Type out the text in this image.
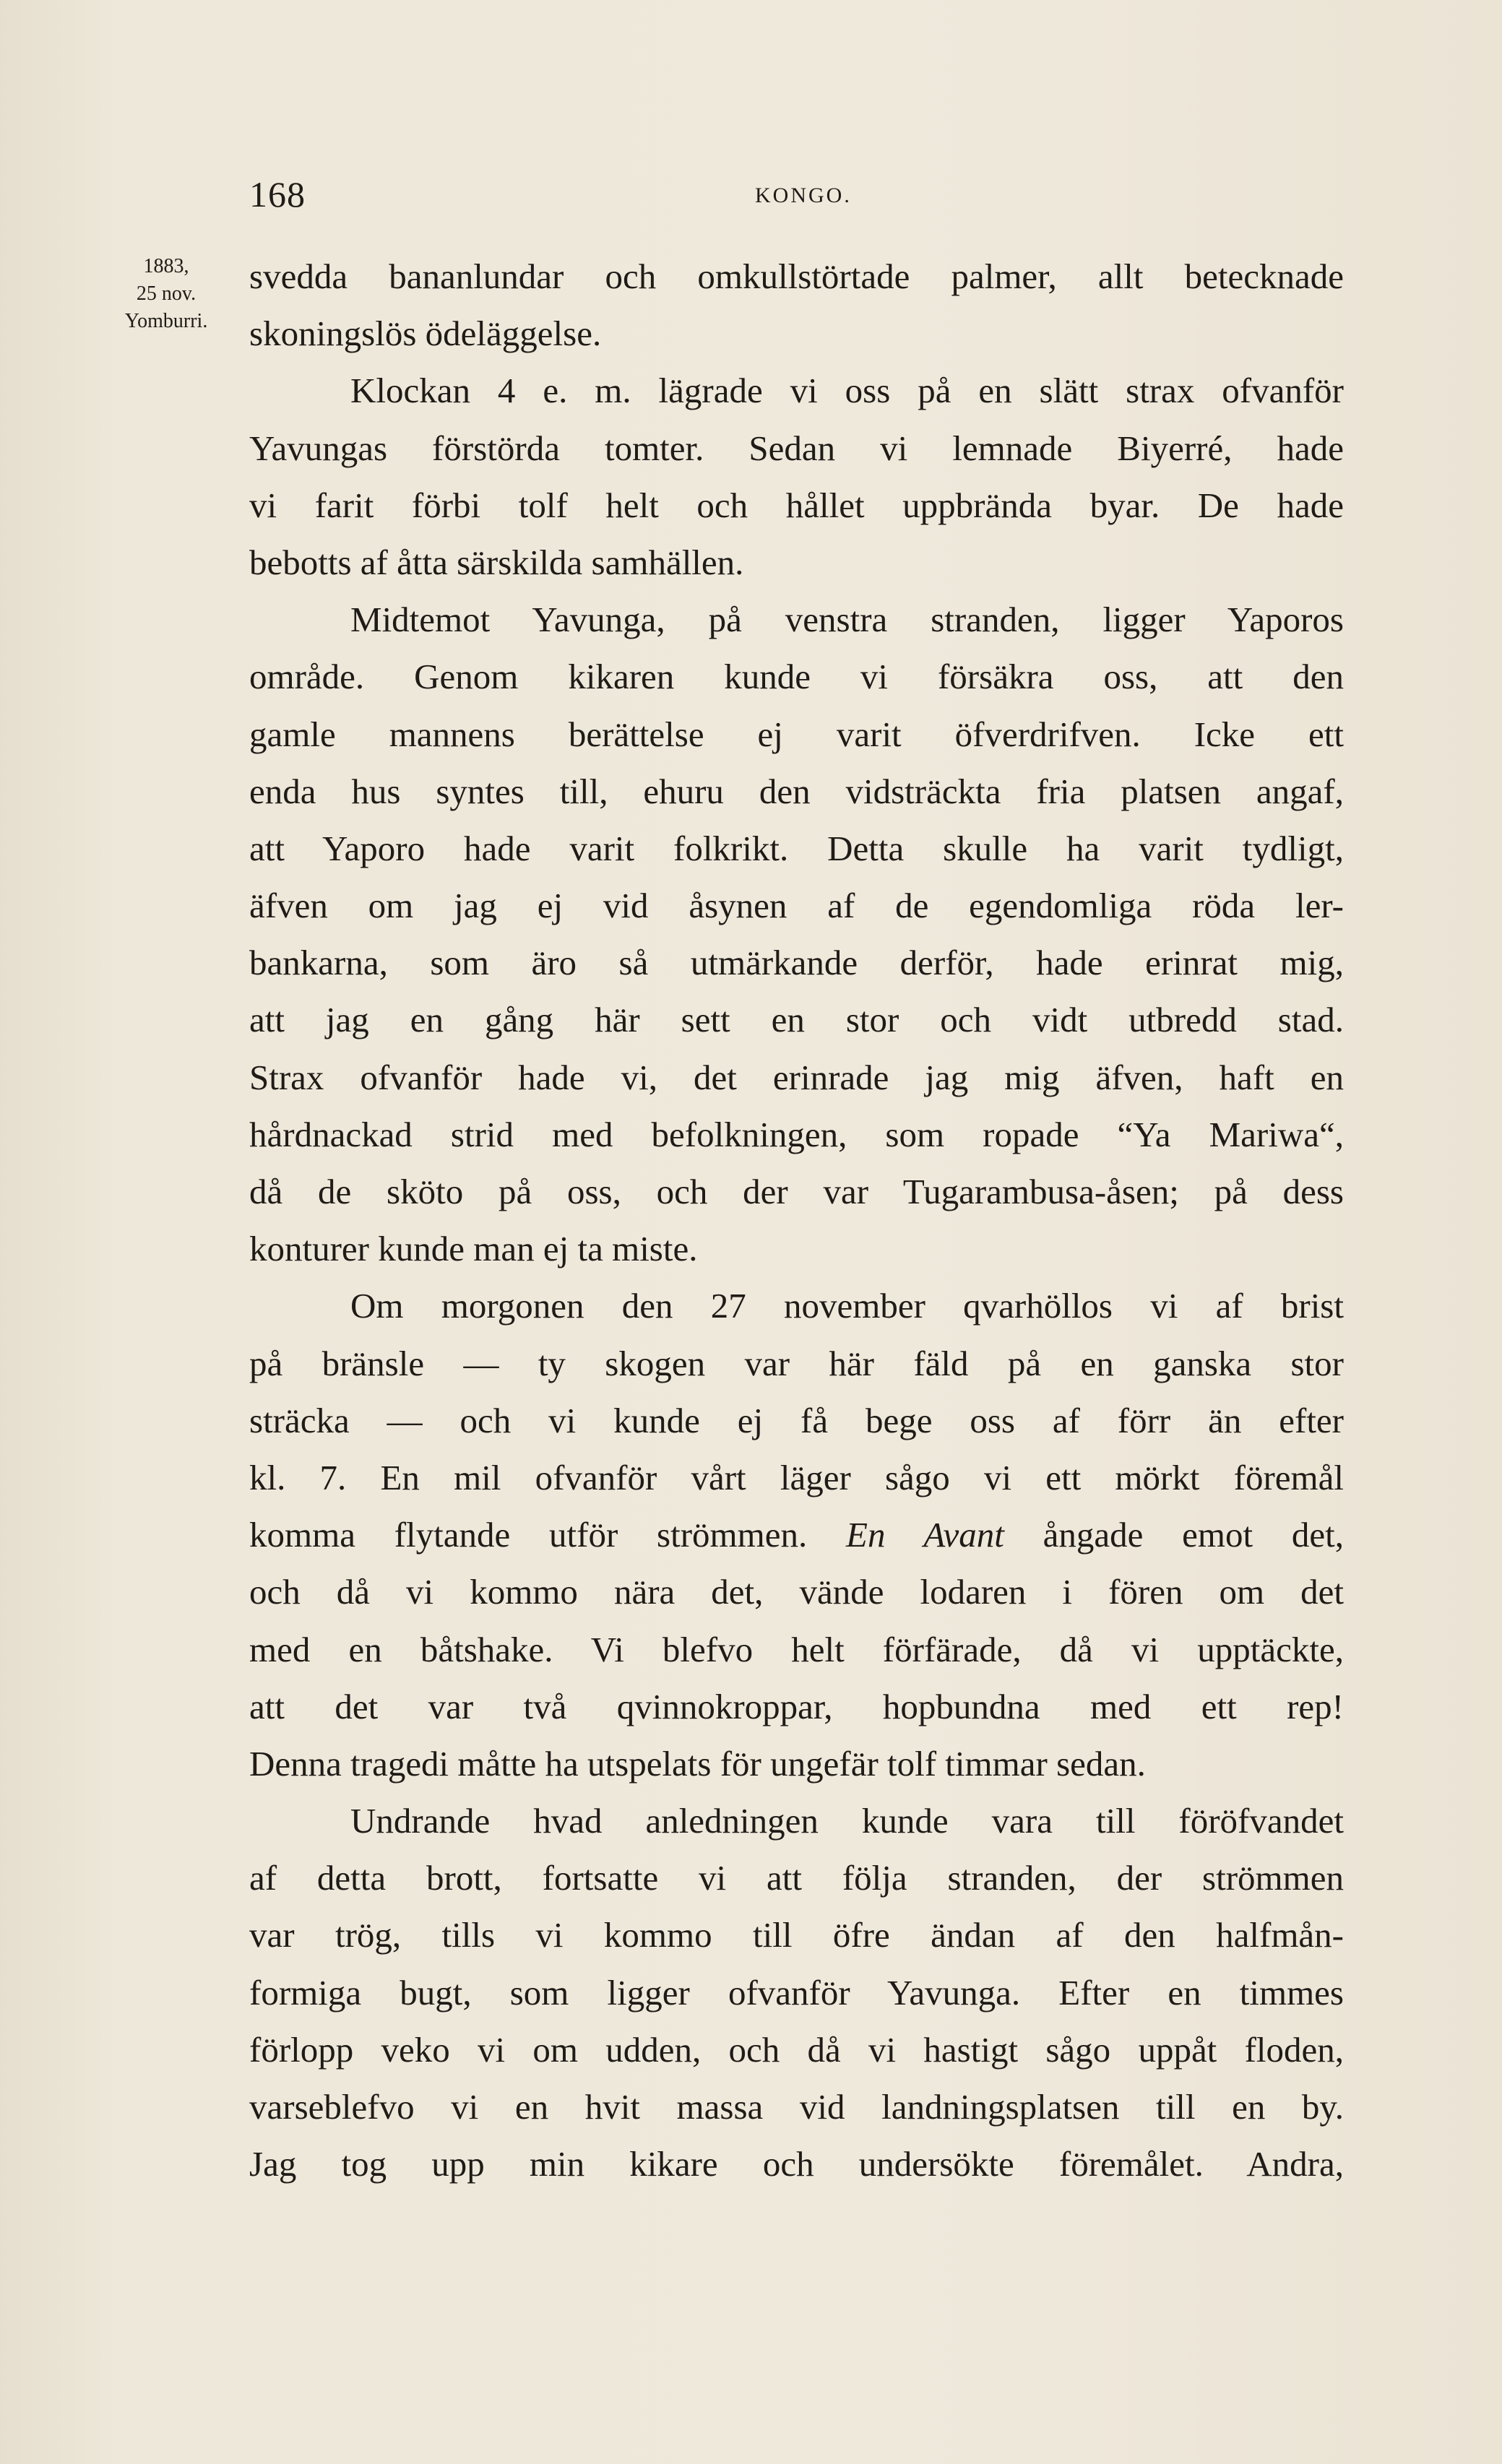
168	KONGO.
1883,
25 nov.
Yomburri.
svedda bananlundar och omkullstörtade palmer, allt betecknade
skoningslös ödeläggelse.
Klockan 4 e. m. lägrade vi oss på en slätt strax ofvanför
Yavungas förstörda tomter. Sedan vi lemnade Biyerré, hade
vi farit förbi tolf helt och hållet uppbrända byar. De hade
bebotts af åtta särskilda samhällen.
Midtemot Yavunga, på venstra stranden, ligger Yaporos
område. Genom kikaren kunde vi försäkra oss, att den
gamle mannens berättelse ej varit öfverdrifven. Icke ett
enda hus syntes till, ehuru den vidsträckta fria platsen angaf,
att Yaporo hade varit folkrikt. Detta skulle ha varit tydligt,
äfven om jag ej vid åsynen af de egendomliga röda ler-
bankarna, som äro så utmärkande derför, hade erinrat mig,
att jag en gång här sett en stor och vidt utbredd stad.
Strax ofvanför hade vi, det erinrade jag mig äfven, haft en
hårdnackad strid med befolkningen, som ropade “Ya Mariwa“,
då de sköto på oss, och der var Tugarambusa-åsen; på dess
konturer kunde man ej ta miste.
Om morgonen den 27 november qvarhöllos vi af brist
på bränsle — ty skogen var här fäld på en ganska stor
sträcka — och vi kunde ej få bege oss af förr än efter
kl. 7. En mil ofvanför vårt läger sågo vi ett mörkt föremål
komma flytande utför strömmen. En Avant ångade emot det,
och då vi kommo nära det, vände lodaren i fören om det
med en båtshake. Vi blefvo helt förfärade, då vi upptäckte,
att det var två qvinnokroppar, hopbundna med ett rep!
Denna tragedi måtte ha utspelats för ungefär tolf timmar sedan.
Undrande hvad anledningen kunde vara till föröfvandet
af detta brott, fortsatte vi att följa stranden, der strömmen
var trög, tills vi kommo till öfre ändan af den halfmån-
formiga bugt, som ligger ofvanför Yavunga. Efter en timmes
förlopp veko vi om udden, och då vi hastigt sågo uppåt floden,
varseblefvo vi en hvit massa vid landningsplatsen till en by.
Jag tog upp min kikare och undersökte föremålet. Andra,
